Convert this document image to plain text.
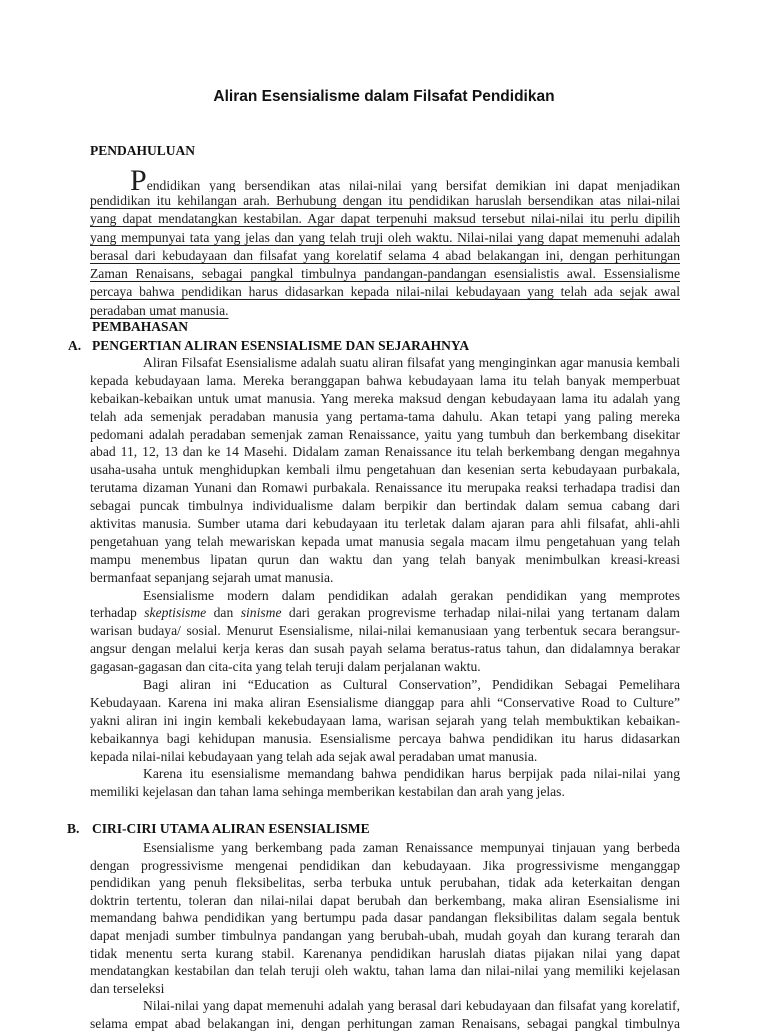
Aliran Esensialisme dalam Filsafat Pendidikan
PENDAHULUAN
Pendidikan yang bersendikan atas nilai-nilai yang bersifat demikian ini dapat menjadikan
pendidikan itu kehilangan arah. Berhubung dengan itu pendidikan haruslah bersendikan atas nilai-nilai
yang dapat mendatangkan kestabilan. Agar dapat terpenuhi maksud tersebut nilai-nilai itu perlu dipilih
yang mempunyai tata yang jelas dan yang telah truji oleh waktu. Nilai-nilai yang dapat memenuhi adalah
berasal dari kebudayaan dan filsafat yang korelatif selama 4 abad belakangan ini, dengan perhitungan
Zaman Renaisans, sebagai pangkal timbulnya pandangan-pandangan esensialistis awal. Essensialisme
percaya bahwa pendidikan harus didasarkan kepada nilai-nilai kebudayaan yang telah ada sejak awal
peradaban umat manusia.
PEMBAHASAN
A. PENGERTIAN ALIRAN ESENSIALISME DAN SEJARAHNYA
Aliran Filsafat Esensialisme adalah suatu aliran filsafat yang menginginkan agar manusia kembali
kepada kebudayaan lama. Mereka beranggapan bahwa kebudayaan lama itu telah banyak memperbuat
kebaikan-kebaikan untuk umat manusia. Yang mereka maksud dengan kebudayaan lama itu adalah yang
telah ada semenjak peradaban manusia yang pertama-tama dahulu. Akan tetapi yang paling mereka
pedomani adalah peradaban semenjak zaman Renaissance, yaitu yang tumbuh dan berkembang disekitar
abad 11, 12, 13 dan ke 14 Masehi. Didalam zaman Renaissance itu telah berkembang dengan megahnya
usaha-usaha untuk menghidupkan kembali ilmu pengetahuan dan kesenian serta kebudayaan purbakala,
terutama dizaman Yunani dan Romawi purbakala. Renaissance itu merupaka reaksi terhadapa tradisi dan
sebagai puncak timbulnya individualisme dalam berpikir dan bertindak dalam semua cabang dari
aktivitas manusia. Sumber utama dari kebudayaan itu terletak dalam ajaran para ahli filsafat, ahli-ahli
pengetahuan yang telah mewariskan kepada umat manusia segala macam ilmu pengetahuan yang telah
mampu menembus lipatan qurun dan waktu dan yang telah banyak menimbulkan kreasi-kreasi
bermanfaat sepanjang sejarah umat manusia.
Esensialisme modern dalam pendidikan adalah gerakan pendidikan yang memprotes
terhadap skeptisisme dan sinisme dari gerakan progrevisme terhadap nilai-nilai yang tertanam dalam
warisan budaya/ sosial. Menurut Esensialisme, nilai-nilai kemanusiaan yang terbentuk secara berangsur-
angsur dengan melalui kerja keras dan susah payah selama beratus-ratus tahun, dan didalamnya berakar
gagasan-gagasan dan cita-cita yang telah teruji dalam perjalanan waktu.
Bagi aliran ini “Education as Cultural Conservation”, Pendidikan Sebagai Pemelihara
Kebudayaan. Karena ini maka aliran Esensialisme dianggap para ahli “Conservative Road to Culture”
yakni aliran ini ingin kembali kekebudayaan lama, warisan sejarah yang telah membuktikan kebaikan-
kebaikannya bagi kehidupan manusia. Esensialisme percaya bahwa pendidikan itu harus didasarkan
kepada nilai-nilai kebudayaan yang telah ada sejak awal peradaban umat manusia.
Karena itu esensialisme memandang bahwa pendidikan harus berpijak pada nilai-nilai yang
memiliki kejelasan dan tahan lama sehinga memberikan kestabilan dan arah yang jelas.
B. CIRI-CIRI UTAMA ALIRAN ESENSIALISME
Esensialisme yang berkembang pada zaman Renaissance mempunyai tinjauan yang berbeda
dengan progressivisme mengenai pendidikan dan kebudayaan. Jika progressivisme menganggap
pendidikan yang penuh fleksibelitas, serba terbuka untuk perubahan, tidak ada keterkaitan dengan
doktrin tertentu, toleran dan nilai-nilai dapat berubah dan berkembang, maka aliran Esensialisme ini
memandang bahwa pendidikan yang bertumpu pada dasar pandangan fleksibilitas dalam segala bentuk
dapat menjadi sumber timbulnya pandangan yang berubah-ubah, mudah goyah dan kurang terarah dan
tidak menentu serta kurang stabil. Karenanya pendidikan haruslah diatas pijakan nilai yang dapat
mendatangkan kestabilan dan telah teruji oleh waktu, tahan lama dan nilai-nilai yang memiliki kejelasan
dan terseleksi
Nilai-nilai yang dapat memenuhi adalah yang berasal dari kebudayaan dan filsafat yang korelatif,
selama empat abad belakangan ini, dengan perhitungan zaman Renaisans, sebagai pangkal timbulnya
